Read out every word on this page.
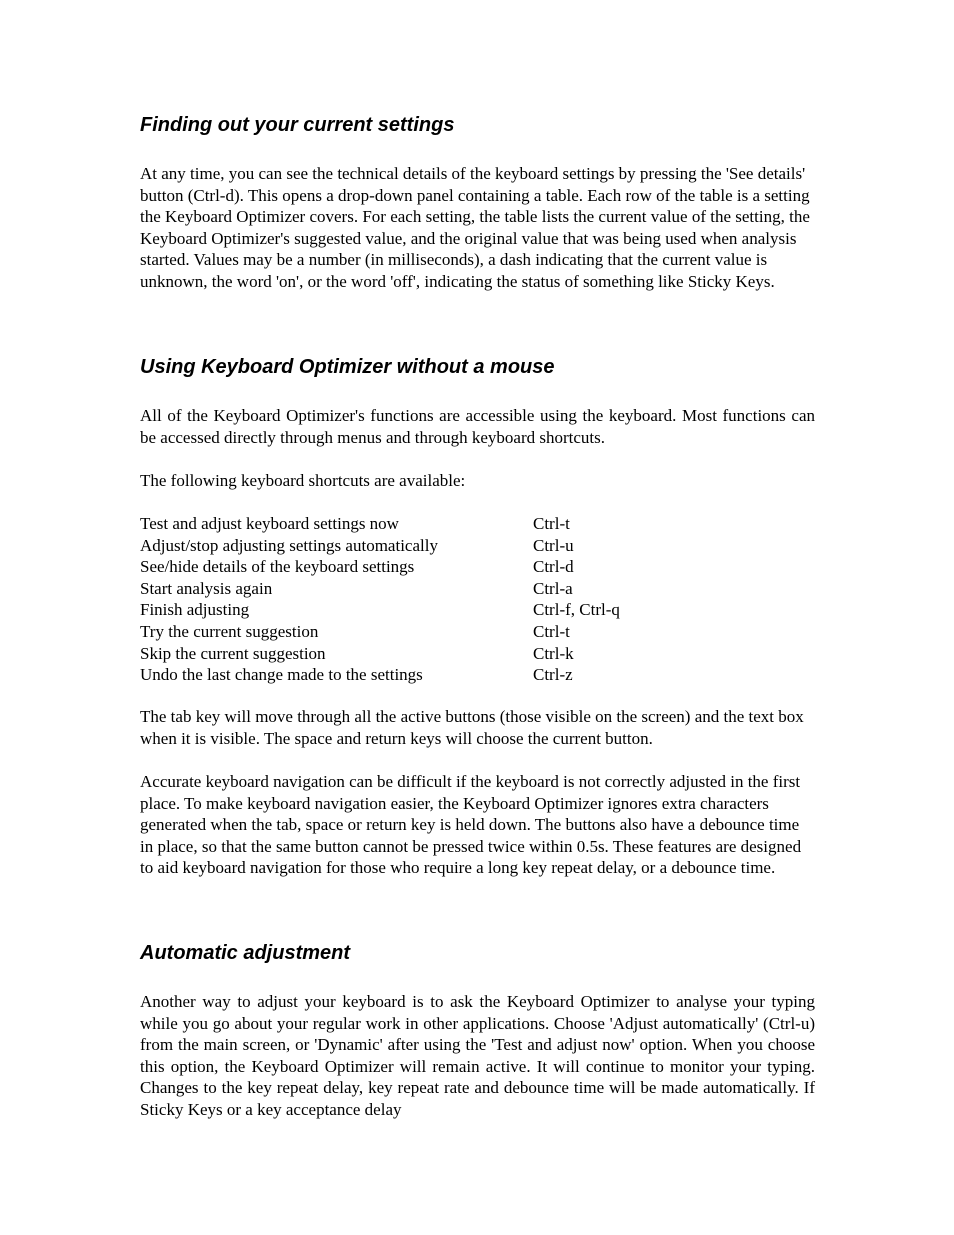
Finding out your current settings

At any time, you can see the technical details of the keyboard settings by pressing the 'See details' button (Ctrl-d). This opens a drop-down panel containing a table. Each row of the table is a setting the Keyboard Optimizer covers. For each setting, the table lists the current value of the setting, the Keyboard Optimizer's suggested value, and the original value that was being used when analysis started. Values may be a number (in milliseconds), a dash indicating that the current value is unknown, the word 'on', or the word 'off', indicating the status of something like Sticky Keys.

Using Keyboard Optimizer without a mouse

All of the Keyboard Optimizer's functions are accessible using the keyboard. Most functions can be accessed directly through menus and through keyboard shortcuts.

The following keyboard shortcuts are available:

Test and adjust keyboard settings now	Ctrl-t
Adjust/stop adjusting settings automatically	Ctrl-u
See/hide details of the keyboard settings	Ctrl-d
Start analysis again	Ctrl-a
Finish adjusting	Ctrl-f, Ctrl-q
Try the current suggestion	Ctrl-t
Skip the current suggestion	Ctrl-k
Undo the last change made to the settings	Ctrl-z

The tab key will move through all the active buttons (those visible on the screen) and the text box when it is visible. The space and return keys will choose the current button.

Accurate keyboard navigation can be difficult if the keyboard is not correctly adjusted in the first place. To make keyboard navigation easier, the Keyboard Optimizer ignores extra characters generated when the tab, space or return key is held down. The buttons also have a debounce time in place, so that the same button cannot be pressed twice within 0.5s. These features are designed to aid keyboard navigation for those who require a long key repeat delay, or a debounce time.

Automatic adjustment

Another way to adjust your keyboard is to ask the Keyboard Optimizer to analyse your typing while you go about your regular work in other applications. Choose 'Adjust automatically' (Ctrl-u) from the main screen, or 'Dynamic' after using the 'Test and adjust now' option. When you choose this option, the Keyboard Optimizer will remain active. It will continue to monitor your typing. Changes to the key repeat delay, key repeat rate and debounce time will be made automatically. If Sticky Keys or a key acceptance delay
